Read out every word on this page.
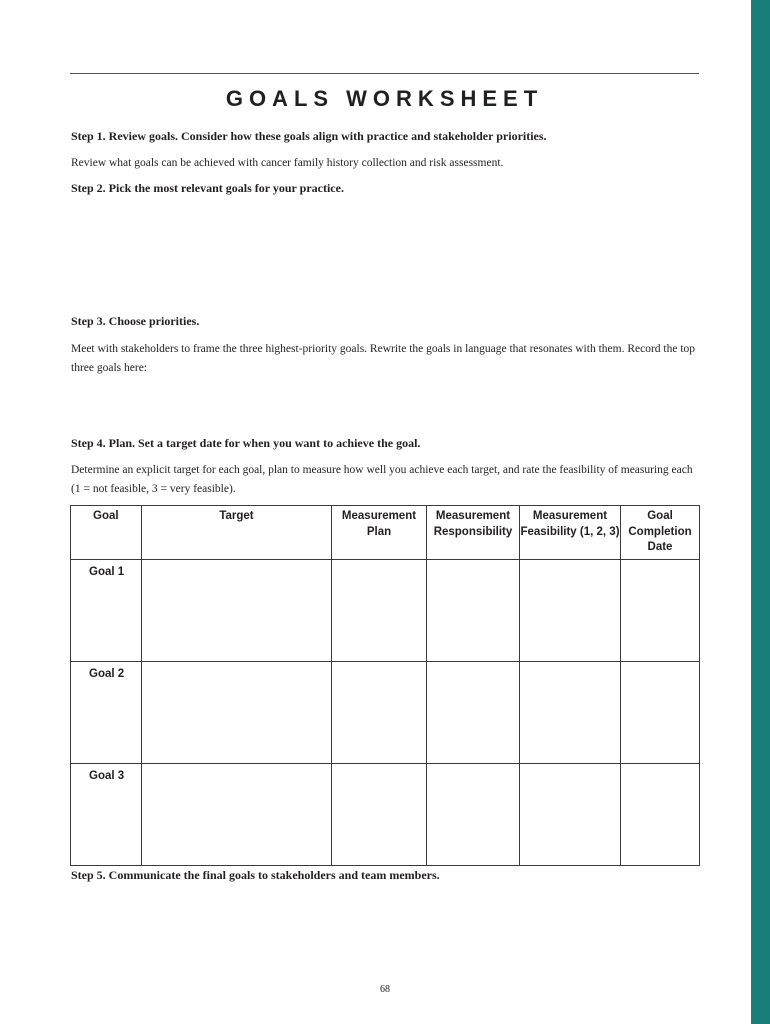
GOALS WORKSHEET
Step 1. Review goals. Consider how these goals align with practice and stakeholder priorities.
Review what goals can be achieved with cancer family history collection and risk assessment.
Step 2. Pick the most relevant goals for your practice.
Step 3. Choose priorities.
Meet with stakeholders to frame the three highest-priority goals. Rewrite the goals in language that resonates with them. Record the top three goals here:
Step 4. Plan. Set a target date for when you want to achieve the goal.
Determine an explicit target for each goal, plan to measure how well you achieve each target, and rate the feasibility of measuring each (1 = not feasible, 3 = very feasible).
Goal	Target	Measurement Plan	Measurement Responsibility	Measurement Feasibility (1, 2, 3)	Goal Completion Date
Goal 1					
Goal 2					
Goal 3					
Step 5. Communicate the final goals to stakeholders and team members.
68
